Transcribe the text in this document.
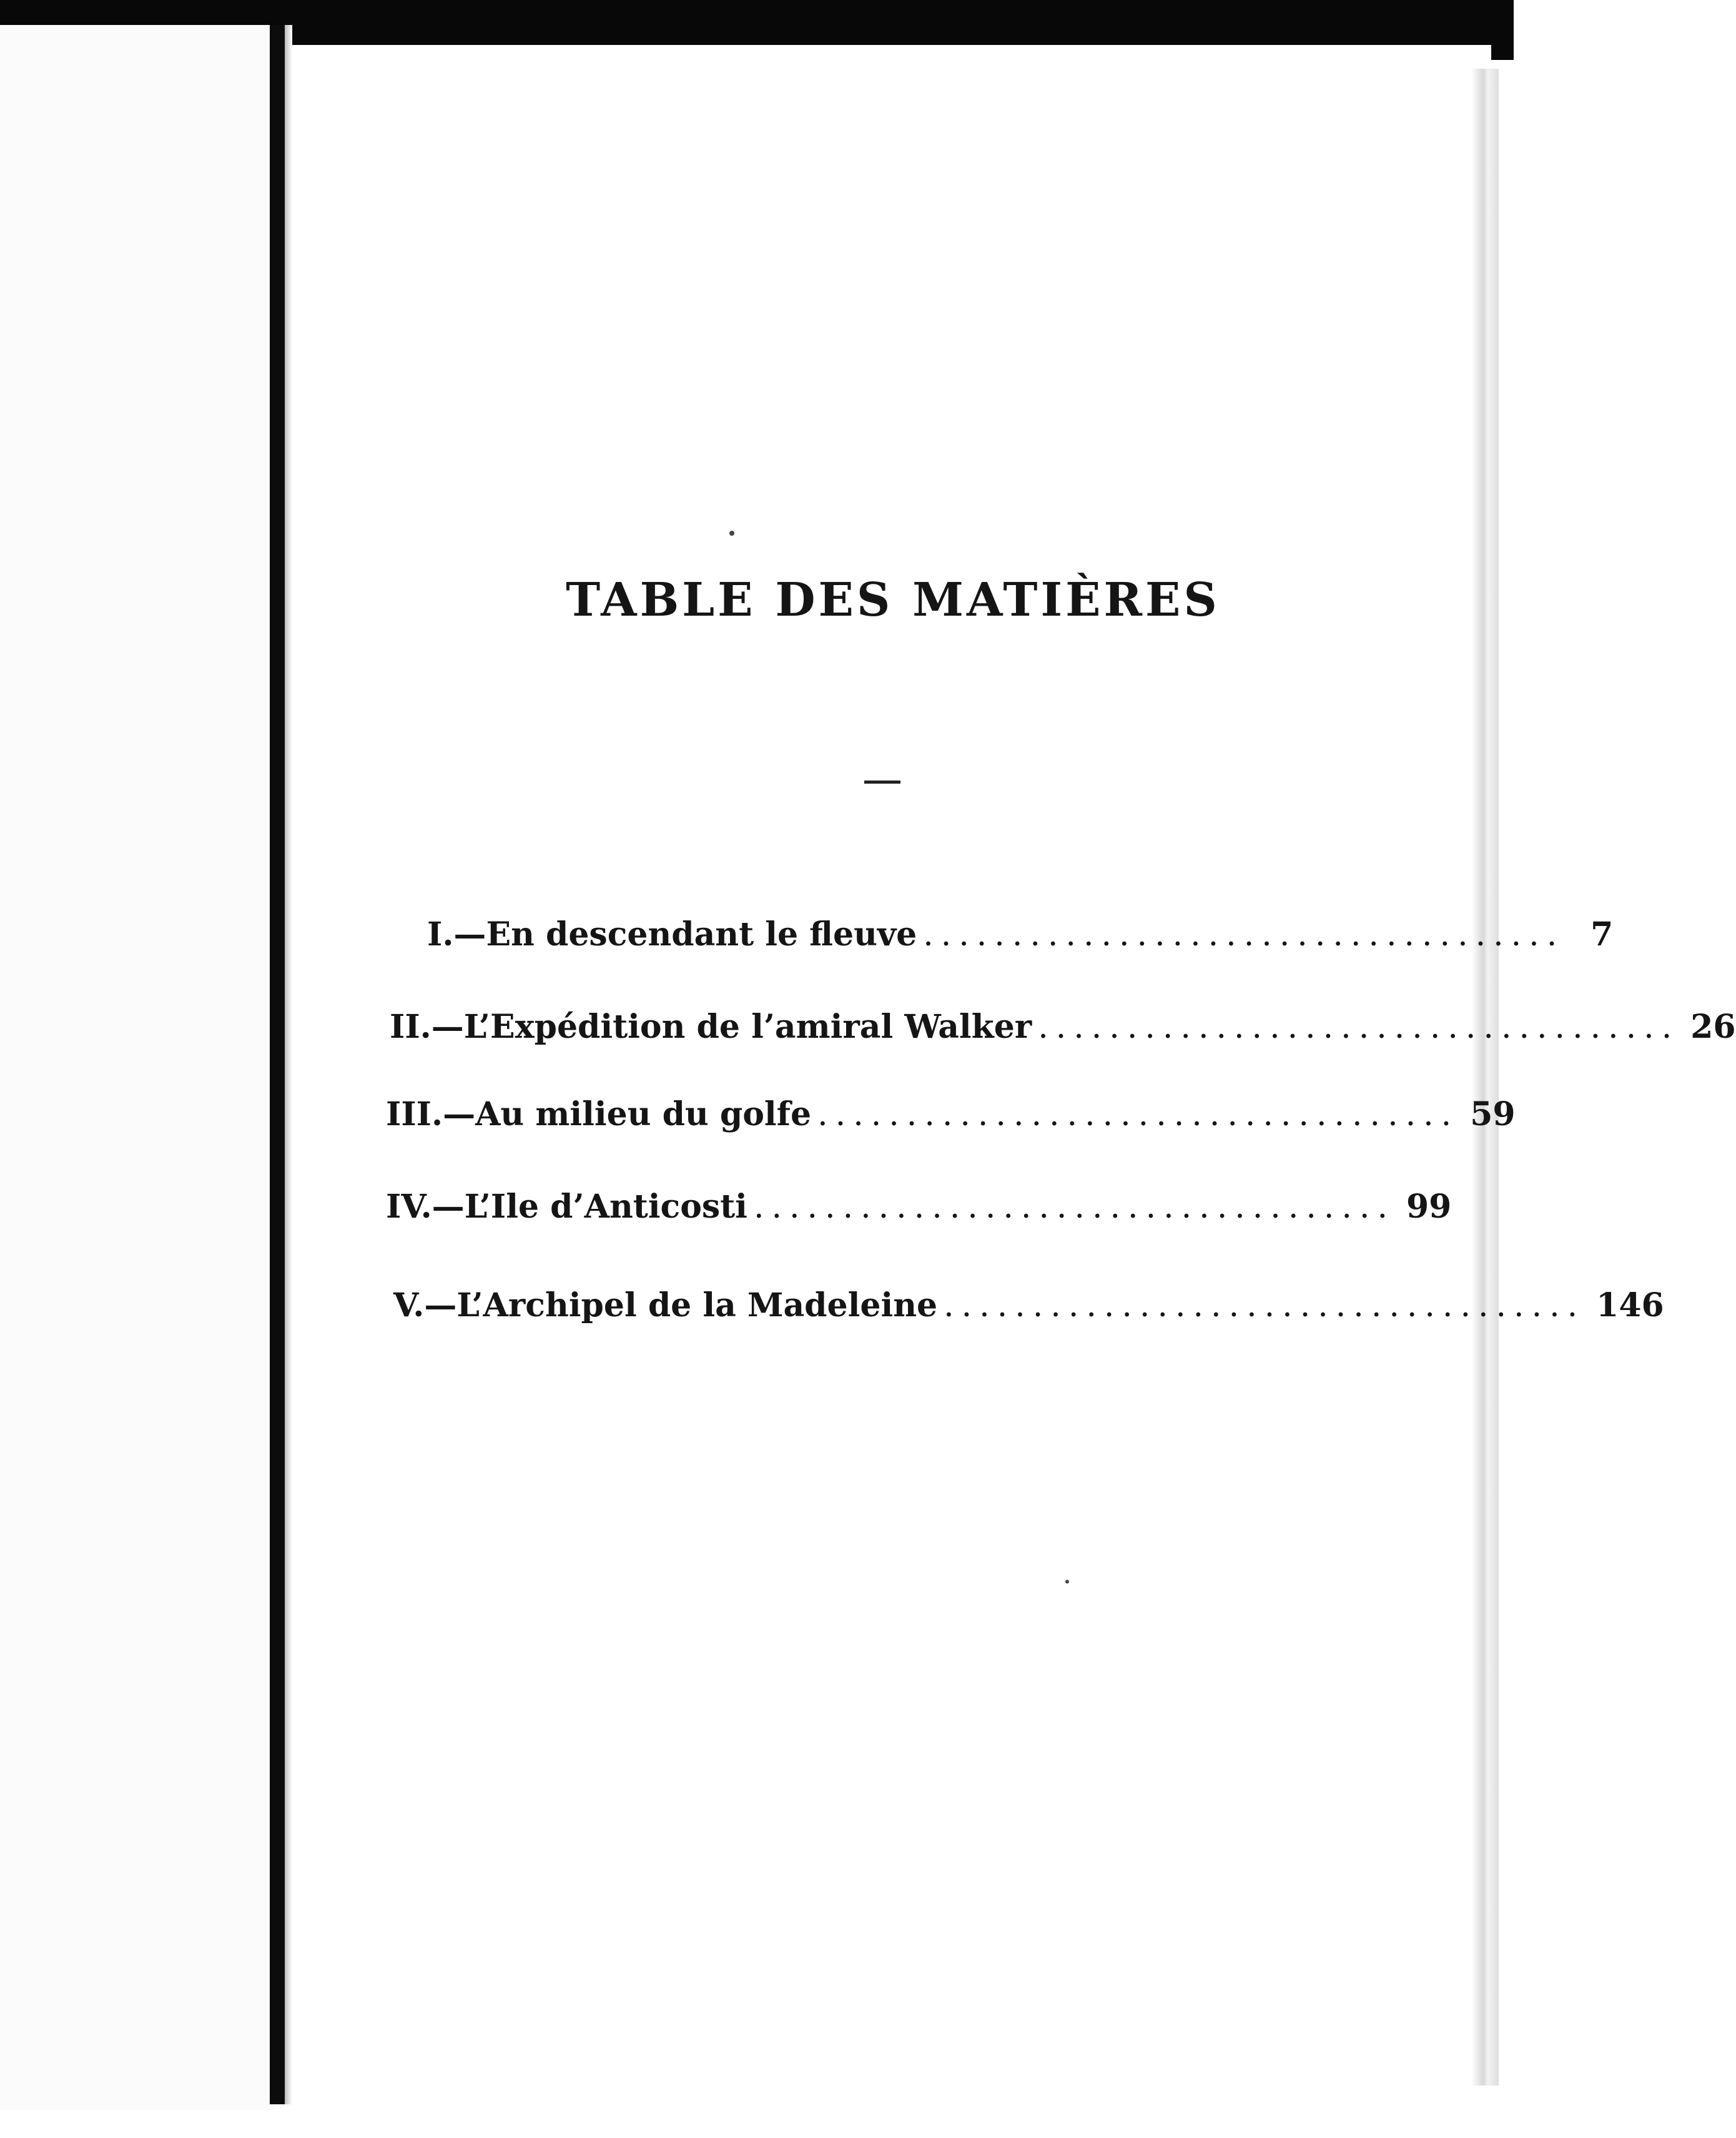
TABLE DES MATIÈRES
I.— En descendant le fleuve .................................... 7
II.— L’Expédition de l’amiral Walker .................................... 26
III.— Au milieu du golfe .................................... 59
IV.— L’Ile d’Anticosti .................................... 99
V.— L’Archipel de la Madeleine .................................... 146
